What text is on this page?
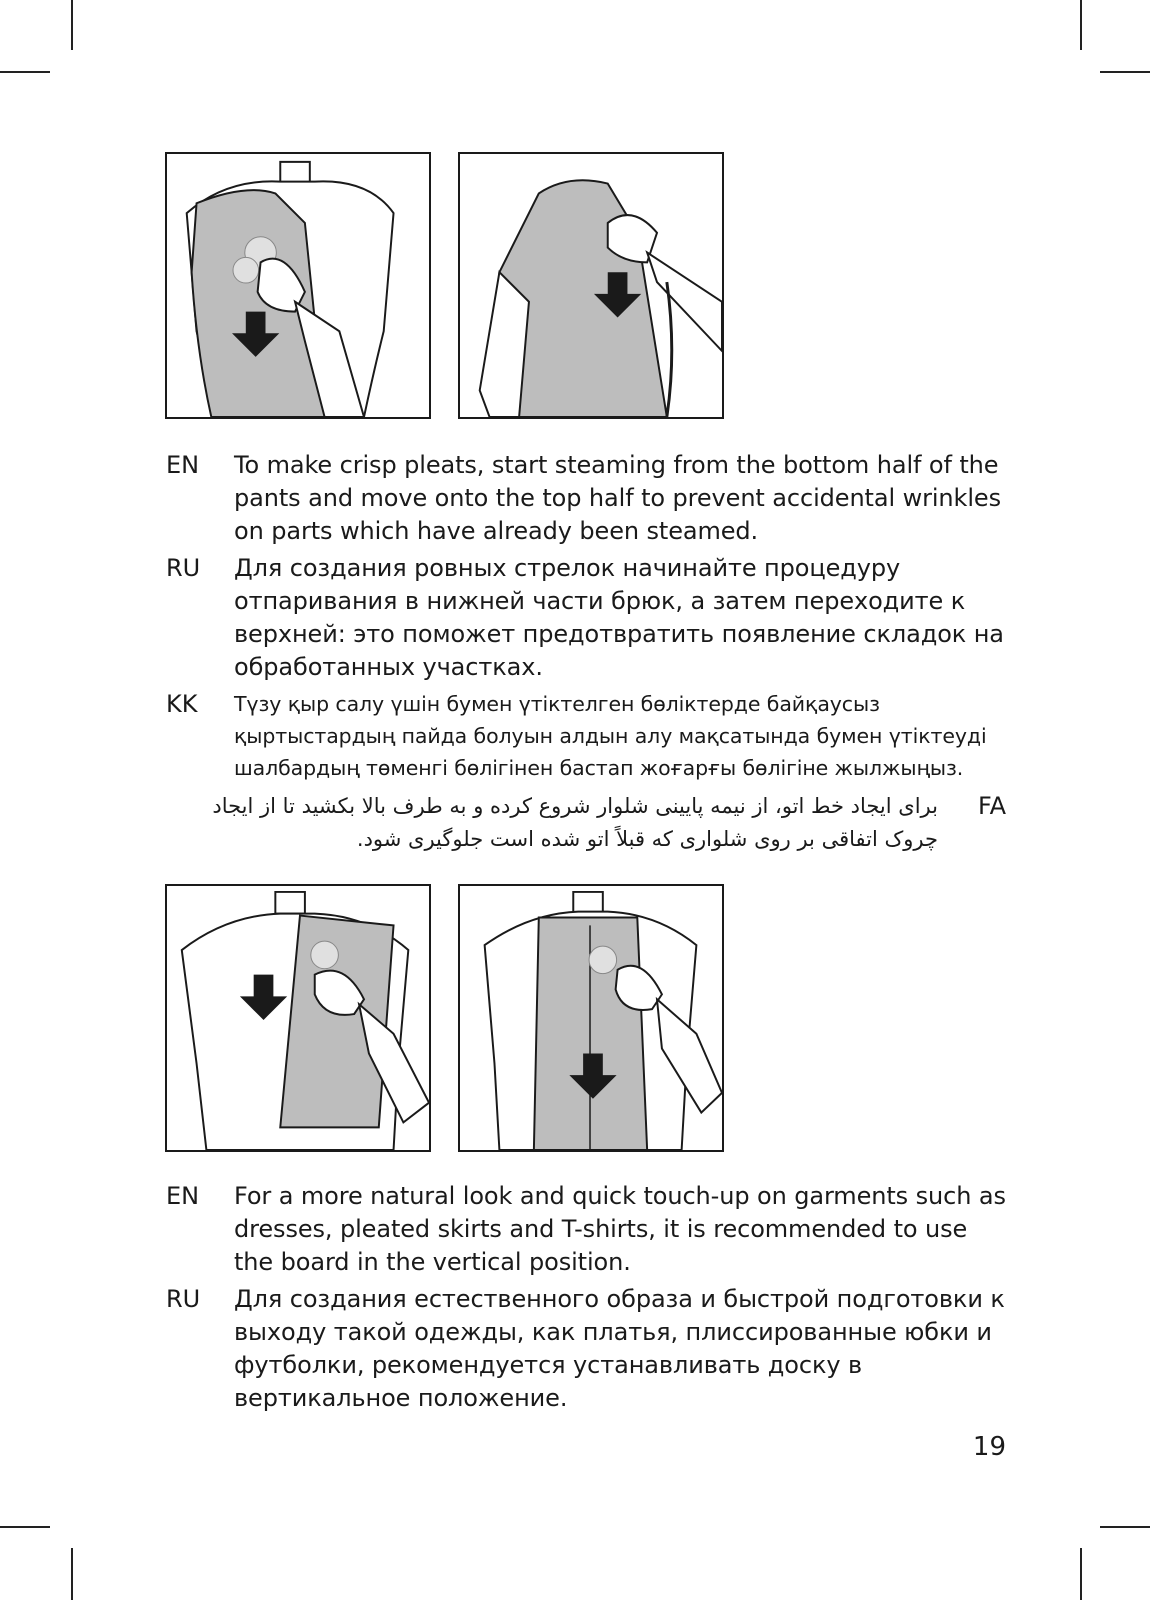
EN	To make crisp pleats, start steaming from the bottom half of the pants and move onto the top half to prevent accidental wrinkles on parts which have already been steamed.
RU	Для создания ровных стрелок начинайте процедуру отпаривания в нижней части брюк, а затем переходите к верхней: это поможет предотвратить появление складок на обработанных участках.
KK	Түзу қыр салу үшін бумен үтіктелген бөліктерде байқаусыз қыртыстардың пайда болуын алдын алу мақсатында бумен үтіктеуді шалбардың төменгі бөлігінен бастап жоғарғы бөлігіне жылжыңыз.
برای ایجاد خط اتو، از نیمه پایینی شلوار شروع کرده و به طرف بالا بکشید تا از ایجاد چروک اتفاقی بر روی شلواری که قبلاً اتو شده است جلوگیری شود.
FA
EN	For a more natural look and quick touch-up on garments such as dresses, pleated skirts and T-shirts, it is recommended to use the board in the vertical position.
RU	Для создания естественного образа и быстрой подготовки к выходу такой одежды, как платья, плиссированные юбки и футболки, рекомендуется устанавливать доску в вертикальное положение.
19
